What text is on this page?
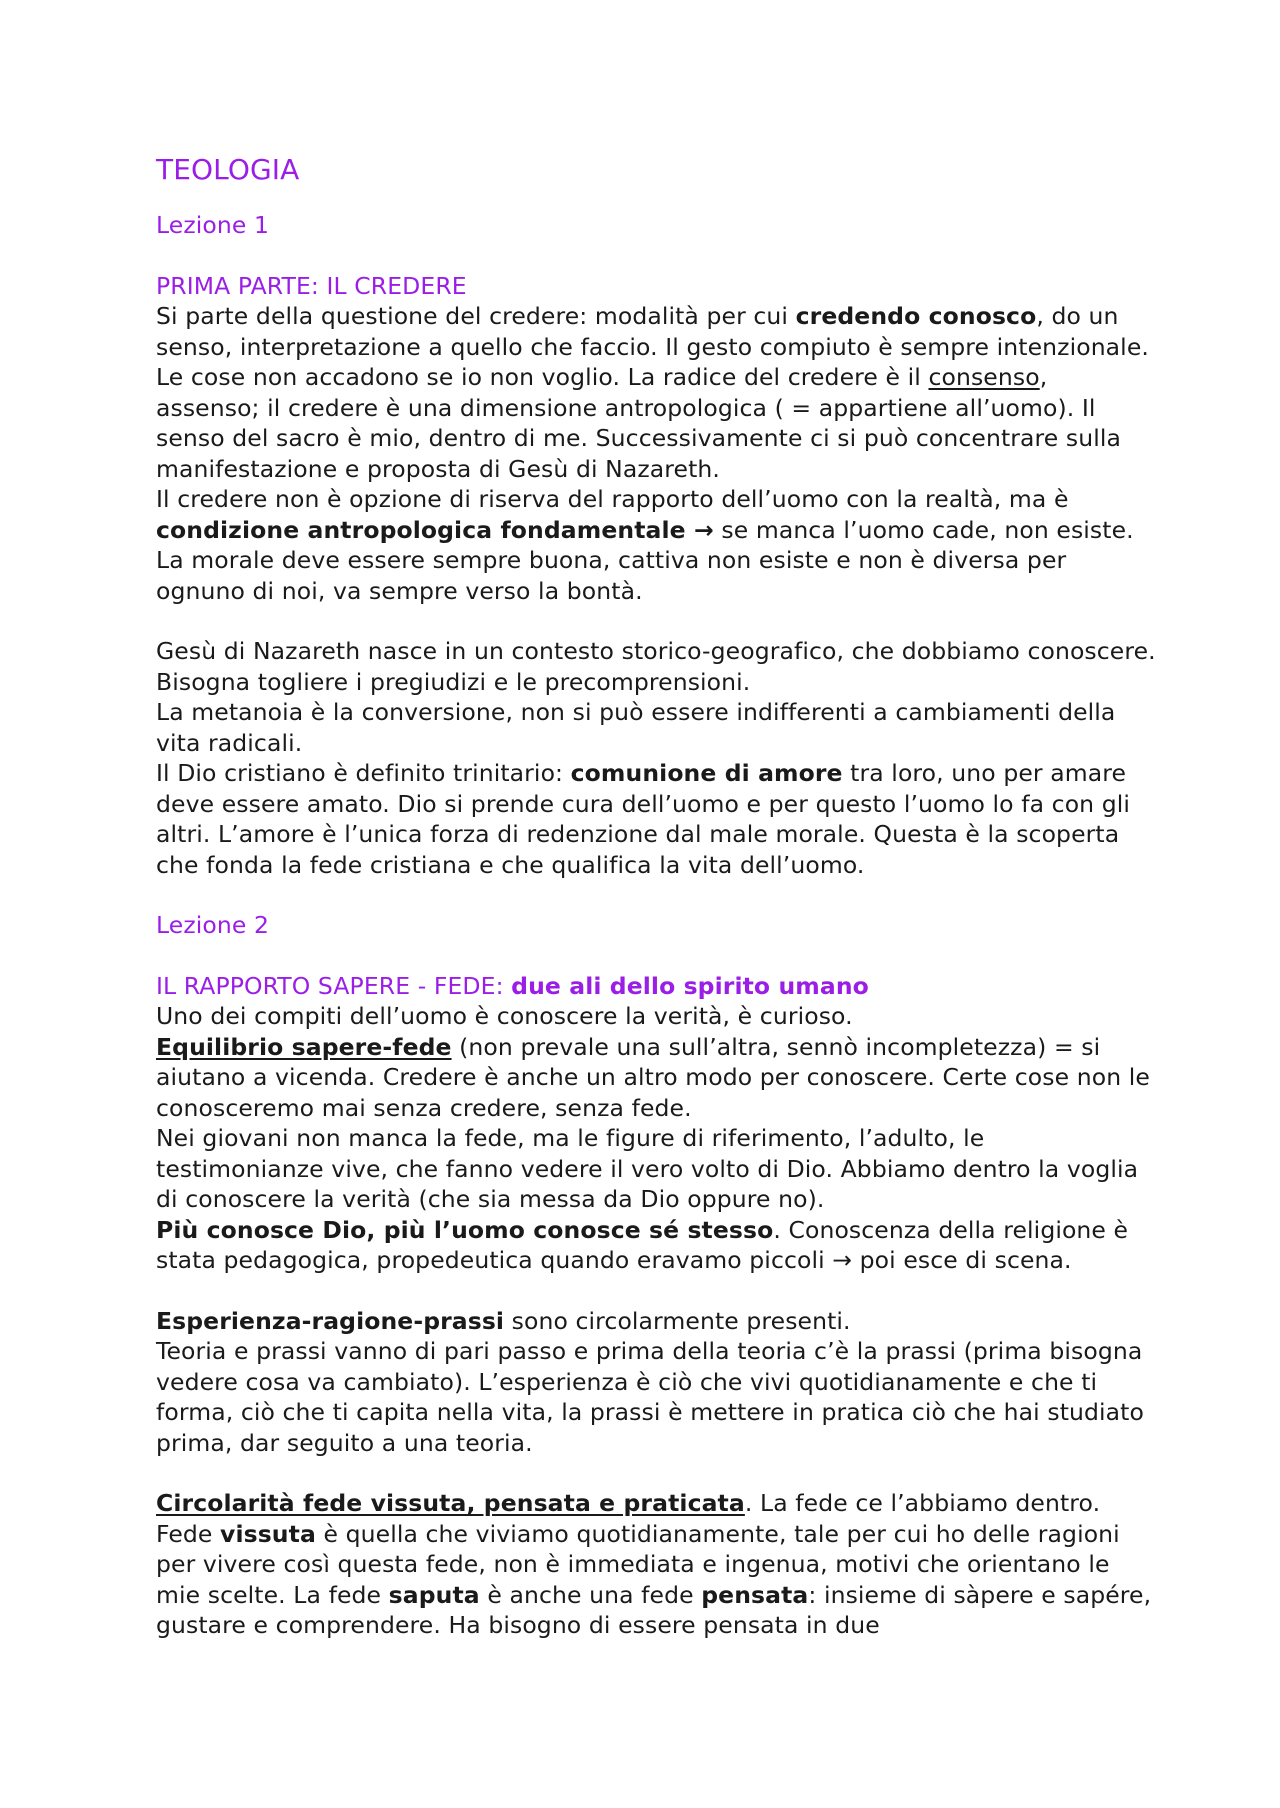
TEOLOGIA
Lezione 1
PRIMA PARTE: IL CREDERE

Si parte della questione del credere: modalità per cui credendo conosco, do un senso, interpretazione a quello che faccio. Il gesto compiuto è sempre intenzionale. Le cose non accadono se io non voglio. La radice del credere è il consenso, assenso; il credere è una dimensione antropologica ( = appartiene all’uomo). Il senso del sacro è mio, dentro di me. Successivamente ci si può concentrare sulla manifestazione e proposta di Gesù di Nazareth.

Il credere non è opzione di riserva del rapporto dell’uomo con la realtà, ma è condizione antropologica fondamentale → se manca l’uomo cade, non esiste.

La morale deve essere sempre buona, cattiva non esiste e non è diversa per ognuno di noi, va sempre verso la bontà.

Gesù di Nazareth nasce in un contesto storico-geografico, che dobbiamo conoscere. Bisogna togliere i pregiudizi e le precomprensioni.

La metanoia è la conversione, non si può essere indifferenti a cambiamenti della vita radicali.

Il Dio cristiano è definito trinitario: comunione di amore tra loro, uno per amare deve essere amato. Dio si prende cura dell’uomo e per questo l’uomo lo fa con gli altri. L’amore è l’unica forza di redenzione dal male morale. Questa è la scoperta che fonda la fede cristiana e che qualifica la vita dell’uomo.

Lezione 2
IL RAPPORTO SAPERE - FEDE: due ali dello spirito umano

Uno dei compiti dell’uomo è conoscere la verità, è curioso.

Equilibrio sapere-fede (non prevale una sull’altra, sennò incompletezza) = si aiutano a vicenda. Credere è anche un altro modo per conoscere. Certe cose non le conosceremo mai senza credere, senza fede.

Nei giovani non manca la fede, ma le figure di riferimento, l’adulto, le testimonianze vive, che fanno vedere il vero volto di Dio. Abbiamo dentro la voglia di conoscere la verità (che sia messa da Dio oppure no).

Più conosce Dio, più l’uomo conosce sé stesso. Conoscenza della religione è stata pedagogica, propedeutica quando eravamo piccoli → poi esce di scena.

Esperienza-ragione-prassi sono circolarmente presenti.

Teoria e prassi vanno di pari passo e prima della teoria c’è la prassi (prima bisogna vedere cosa va cambiato). L’esperienza è ciò che vivi quotidianamente e che ti forma, ciò che ti capita nella vita, la prassi è mettere in pratica ciò che hai studiato prima, dar seguito a una teoria.

Circolarità fede vissuta, pensata e praticata. La fede ce l’abbiamo dentro.

Fede vissuta è quella che viviamo quotidianamente, tale per cui ho delle ragioni per vivere così questa fede, non è immediata e ingenua, motivi che orientano le mie scelte. La fede saputa è anche una fede pensata: insieme di sàpere e sapére, gustare e comprendere. Ha bisogno di essere pensata in due
